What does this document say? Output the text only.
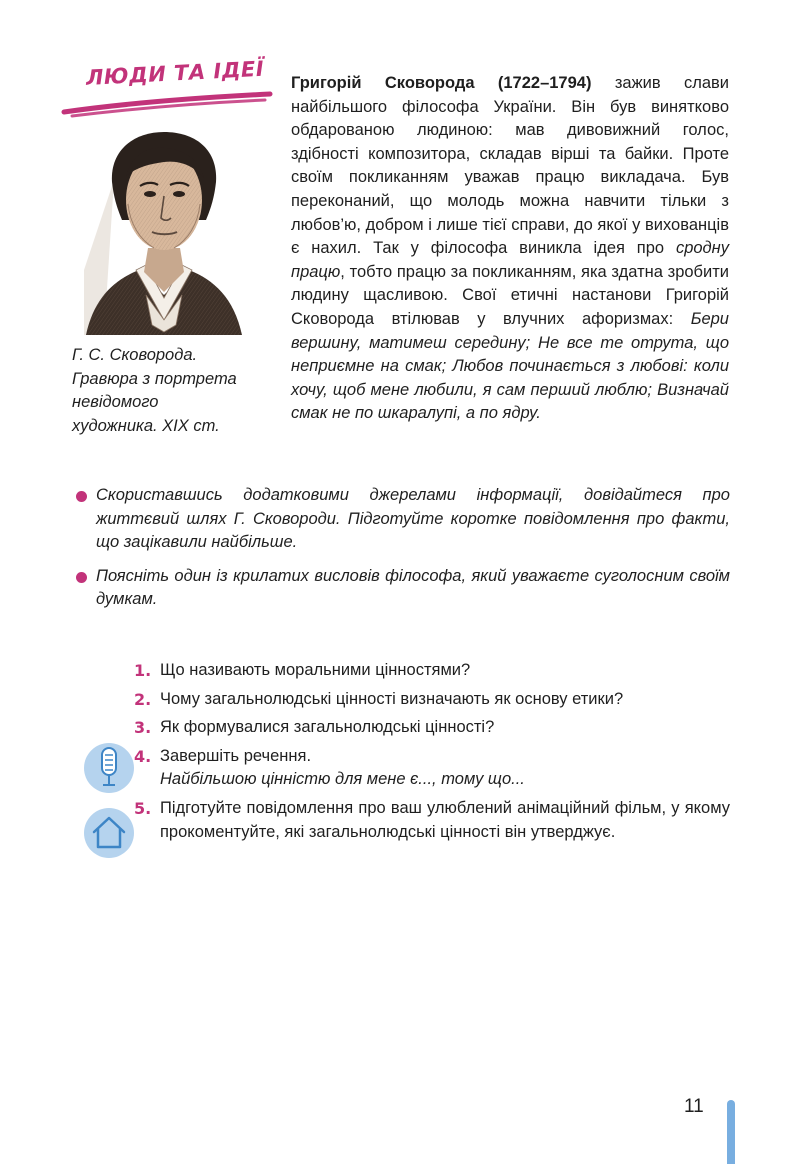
ЛЮДИ ТА ІДЕЇ
Г. С. Сковорода.
Гравюра з портрета
невідомого
художника. XIX ст.
Григорій Сковорода (1722–1794) зажив слави найбільшого філософа України. Він був винятково обдарованою людиною: мав дивовижний голос, здібності композитора, складав вірші та байки. Проте своїм покликанням уважав працю викладача. Був переконаний, що молодь можна навчити тільки з любов’ю, добром і лише тієї справи, до якої у вихованців є нахил. Так у філософа виникла ідея про сродну працю, тобто працю за покликанням, яка здатна зробити людину щасливою. Свої етичні настанови Григорій Сковорода втілював у влучних афоризмах: Бери вершину, матимеш середину; Не все те отрута, що неприємне на смак; Любов починається з любові: коли хочу, щоб мене любили, я сам перший люблю; Визначай смак не по шкаралупі, а по ядру.
Скориставшись додатковими джерелами інформації, довідайтеся про життєвий шлях Г. Сковороди. Підготуйте коротке повідомлення про факти, що зацікавили найбільше.
Поясніть один із крилатих висловів філософа, який уважаєте суголосним своїм думкам.
1. Що називають моральними цінностями?
2. Чому загальнолюдські цінності визначають як основу етики?
3. Як формувалися загальнолюдські цінності?
4. Завершіть речення.
Найбільшою цінністю для мене є..., тому що...
5. Підготуйте повідомлення про ваш улюблений анімаційний фільм, у якому прокоментуйте, які загальнолюдські цінності він утверджує.
11
